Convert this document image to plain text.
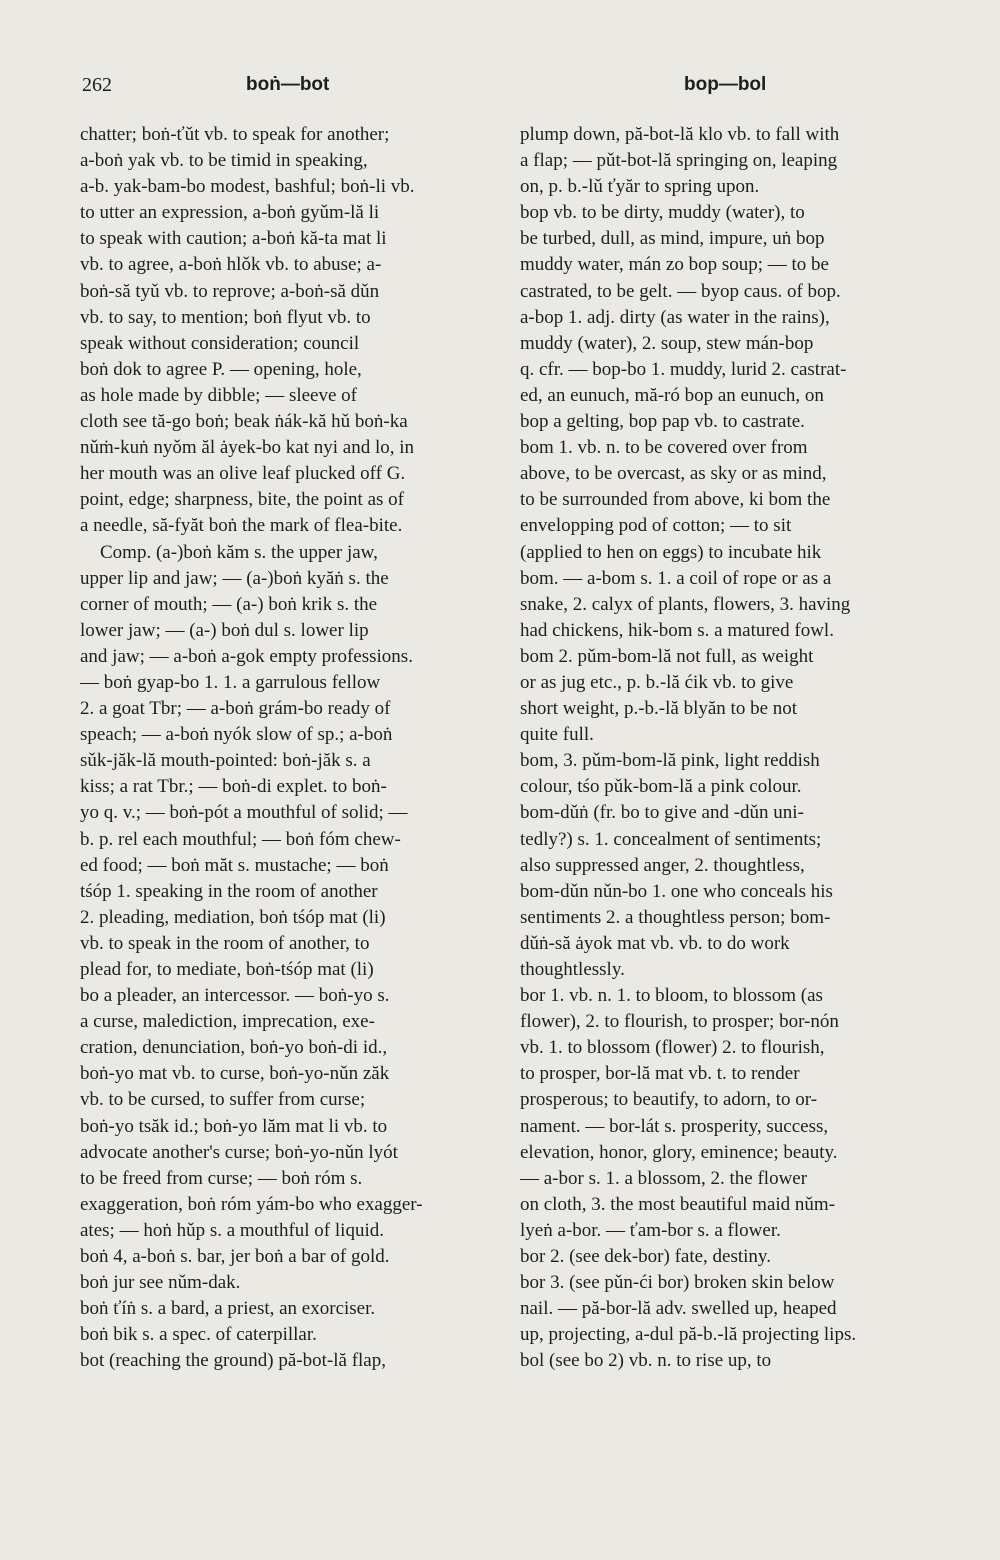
262	boṅ—bot	bop—bol
chatter; boṅ-ťǔt vb. to speak for another;
a-boṅ yak vb. to be timid in speaking,
a-b. yak-bam-bo modest, bashful; boṅ-li vb.
to utter an expression, a-boṅ gyǔm-lă li
to speak with caution; a-boṅ kă-ta mat li
vb. to agree, a-boṅ hlǒk vb. to abuse; a-
boṅ-să tyǔ vb. to reprove; a-boṅ-să dǔn
vb. to say, to mention; boṅ flyut vb. to
speak without consideration; council
boṅ dok to agree P. — opening, hole,
as hole made by dibble; — sleeve of
cloth see tă-go boṅ; beak ṅák-kă hǔ boṅ-ka
nǔṁ-kuṅ nyǒm ăl ȧyek-bo kat nyi and lo, in
her mouth was an olive leaf plucked off G.
point, edge; sharpness, bite, the point as of
a needle, să-fyăt boṅ the mark of flea-bite.
Comp. (a-)boṅ kăm s. the upper jaw,
upper lip and jaw; — (a-)boṅ kyăṅ s. the
corner of mouth; — (a-) boṅ krik s. the
lower jaw; — (a-) boṅ dul s. lower lip
and jaw; — a-boṅ a-gok empty professions.
— boṅ gyap-bo 1. 1. a garrulous fellow
2. a goat Tbr; — a-boṅ grám-bo ready of
speach; — a-boṅ nyók slow of sp.; a-boṅ
sǔk-jăk-lă mouth-pointed: boṅ-jăk s. a
kiss; a rat Tbr.; — boṅ-di explet. to boṅ-
yo q. v.; — boṅ-pót a mouthful of solid; —
b. p. rel each mouthful; — boṅ fóm chew-
ed food; — boṅ măt s. mustache; — boṅ
tśóp 1. speaking in the room of another
2. pleading, mediation, boṅ tśóp mat (li)
vb. to speak in the room of another, to
plead for, to mediate, boṅ-tśóp mat (li)
bo a pleader, an intercessor. — boṅ-yo s.
a curse, malediction, imprecation, exe-
cration, denunciation, boṅ-yo boṅ-di id.,
boṅ-yo mat vb. to curse, boṅ-yo-nǔn zăk
vb. to be cursed, to suffer from curse;
boṅ-yo tsăk id.; boṅ-yo lăm mat li vb. to
advocate another's curse; boṅ-yo-nǔn lyót
to be freed from curse; — boṅ róm s.
exaggeration, boṅ róm yám-bo who exagger-
ates; — hoṅ hǔp s. a mouthful of liquid.
boṅ 4, a-boṅ s. bar, jer boṅ a bar of gold.
boṅ jur see nǔm-dak.
boṅ ťíṅ s. a bard, a priest, an exorciser.
boṅ bik s. a spec. of caterpillar.
bot (reaching the ground) pă-bot-lă flap,
plump down, pă-bot-lă klo vb. to fall with
a flap; — pǔt-bot-lă springing on, leaping
on, p. b.-lǔ ťyăr to spring upon.
bop vb. to be dirty, muddy (water), to
be turbed, dull, as mind, impure, uṅ bop
muddy water, mán zo bop soup; — to be
castrated, to be gelt. — byop caus. of bop.
a-bop 1. adj. dirty (as water in the rains),
muddy (water), 2. soup, stew mán-bop
q. cfr. — bop-bo 1. muddy, lurid 2. castrat-
ed, an eunuch, mă-ró bop an eunuch, on
bop a gelting, bop pap vb. to castrate.
bom 1. vb. n. to be covered over from
above, to be overcast, as sky or as mind,
to be surrounded from above, ki bom the
envelopping pod of cotton; — to sit
(applied to hen on eggs) to incubate hik
bom. — a-bom s. 1. a coil of rope or as a
snake, 2. calyx of plants, flowers, 3. having
had chickens, hik-bom s. a matured fowl.
bom 2. pǔm-bom-lă not full, as weight
or as jug etc., p. b.-lă ćik vb. to give
short weight, p.-b.-lă blyăn to be not
quite full.
bom, 3. pǔm-bom-lă pink, light reddish
colour, tśo pǔk-bom-lă a pink colour.
bom-dǔṅ (fr. bo to give and -dǔn uni-
tedly?) s. 1. concealment of sentiments;
also suppressed anger, 2. thoughtless,
bom-dǔn nǔn-bo 1. one who conceals his
sentiments 2. a thoughtless person; bom-
dǔṅ-să ȧyok mat vb. vb. to do work
thoughtlessly.
bor 1. vb. n. 1. to bloom, to blossom (as
flower), 2. to flourish, to prosper; bor-nón
vb. 1. to blossom (flower) 2. to flourish,
to prosper, bor-lă mat vb. t. to render
prosperous; to beautify, to adorn, to or-
nament. — bor-lát s. prosperity, success,
elevation, honor, glory, eminence; beauty.
— a-bor s. 1. a blossom, 2. the flower
on cloth, 3. the most beautiful maid nǔm-
lyeṅ a-bor. — ťam-bor s. a flower.
bor 2. (see dek-bor) fate, destiny.
bor 3. (see pǔn-ći bor) broken skin below
nail. — pă-bor-lă adv. swelled up, heaped
up, projecting, a-dul pă-b.-lă projecting lips.
bol (see bo 2) vb. n. to rise up, to
